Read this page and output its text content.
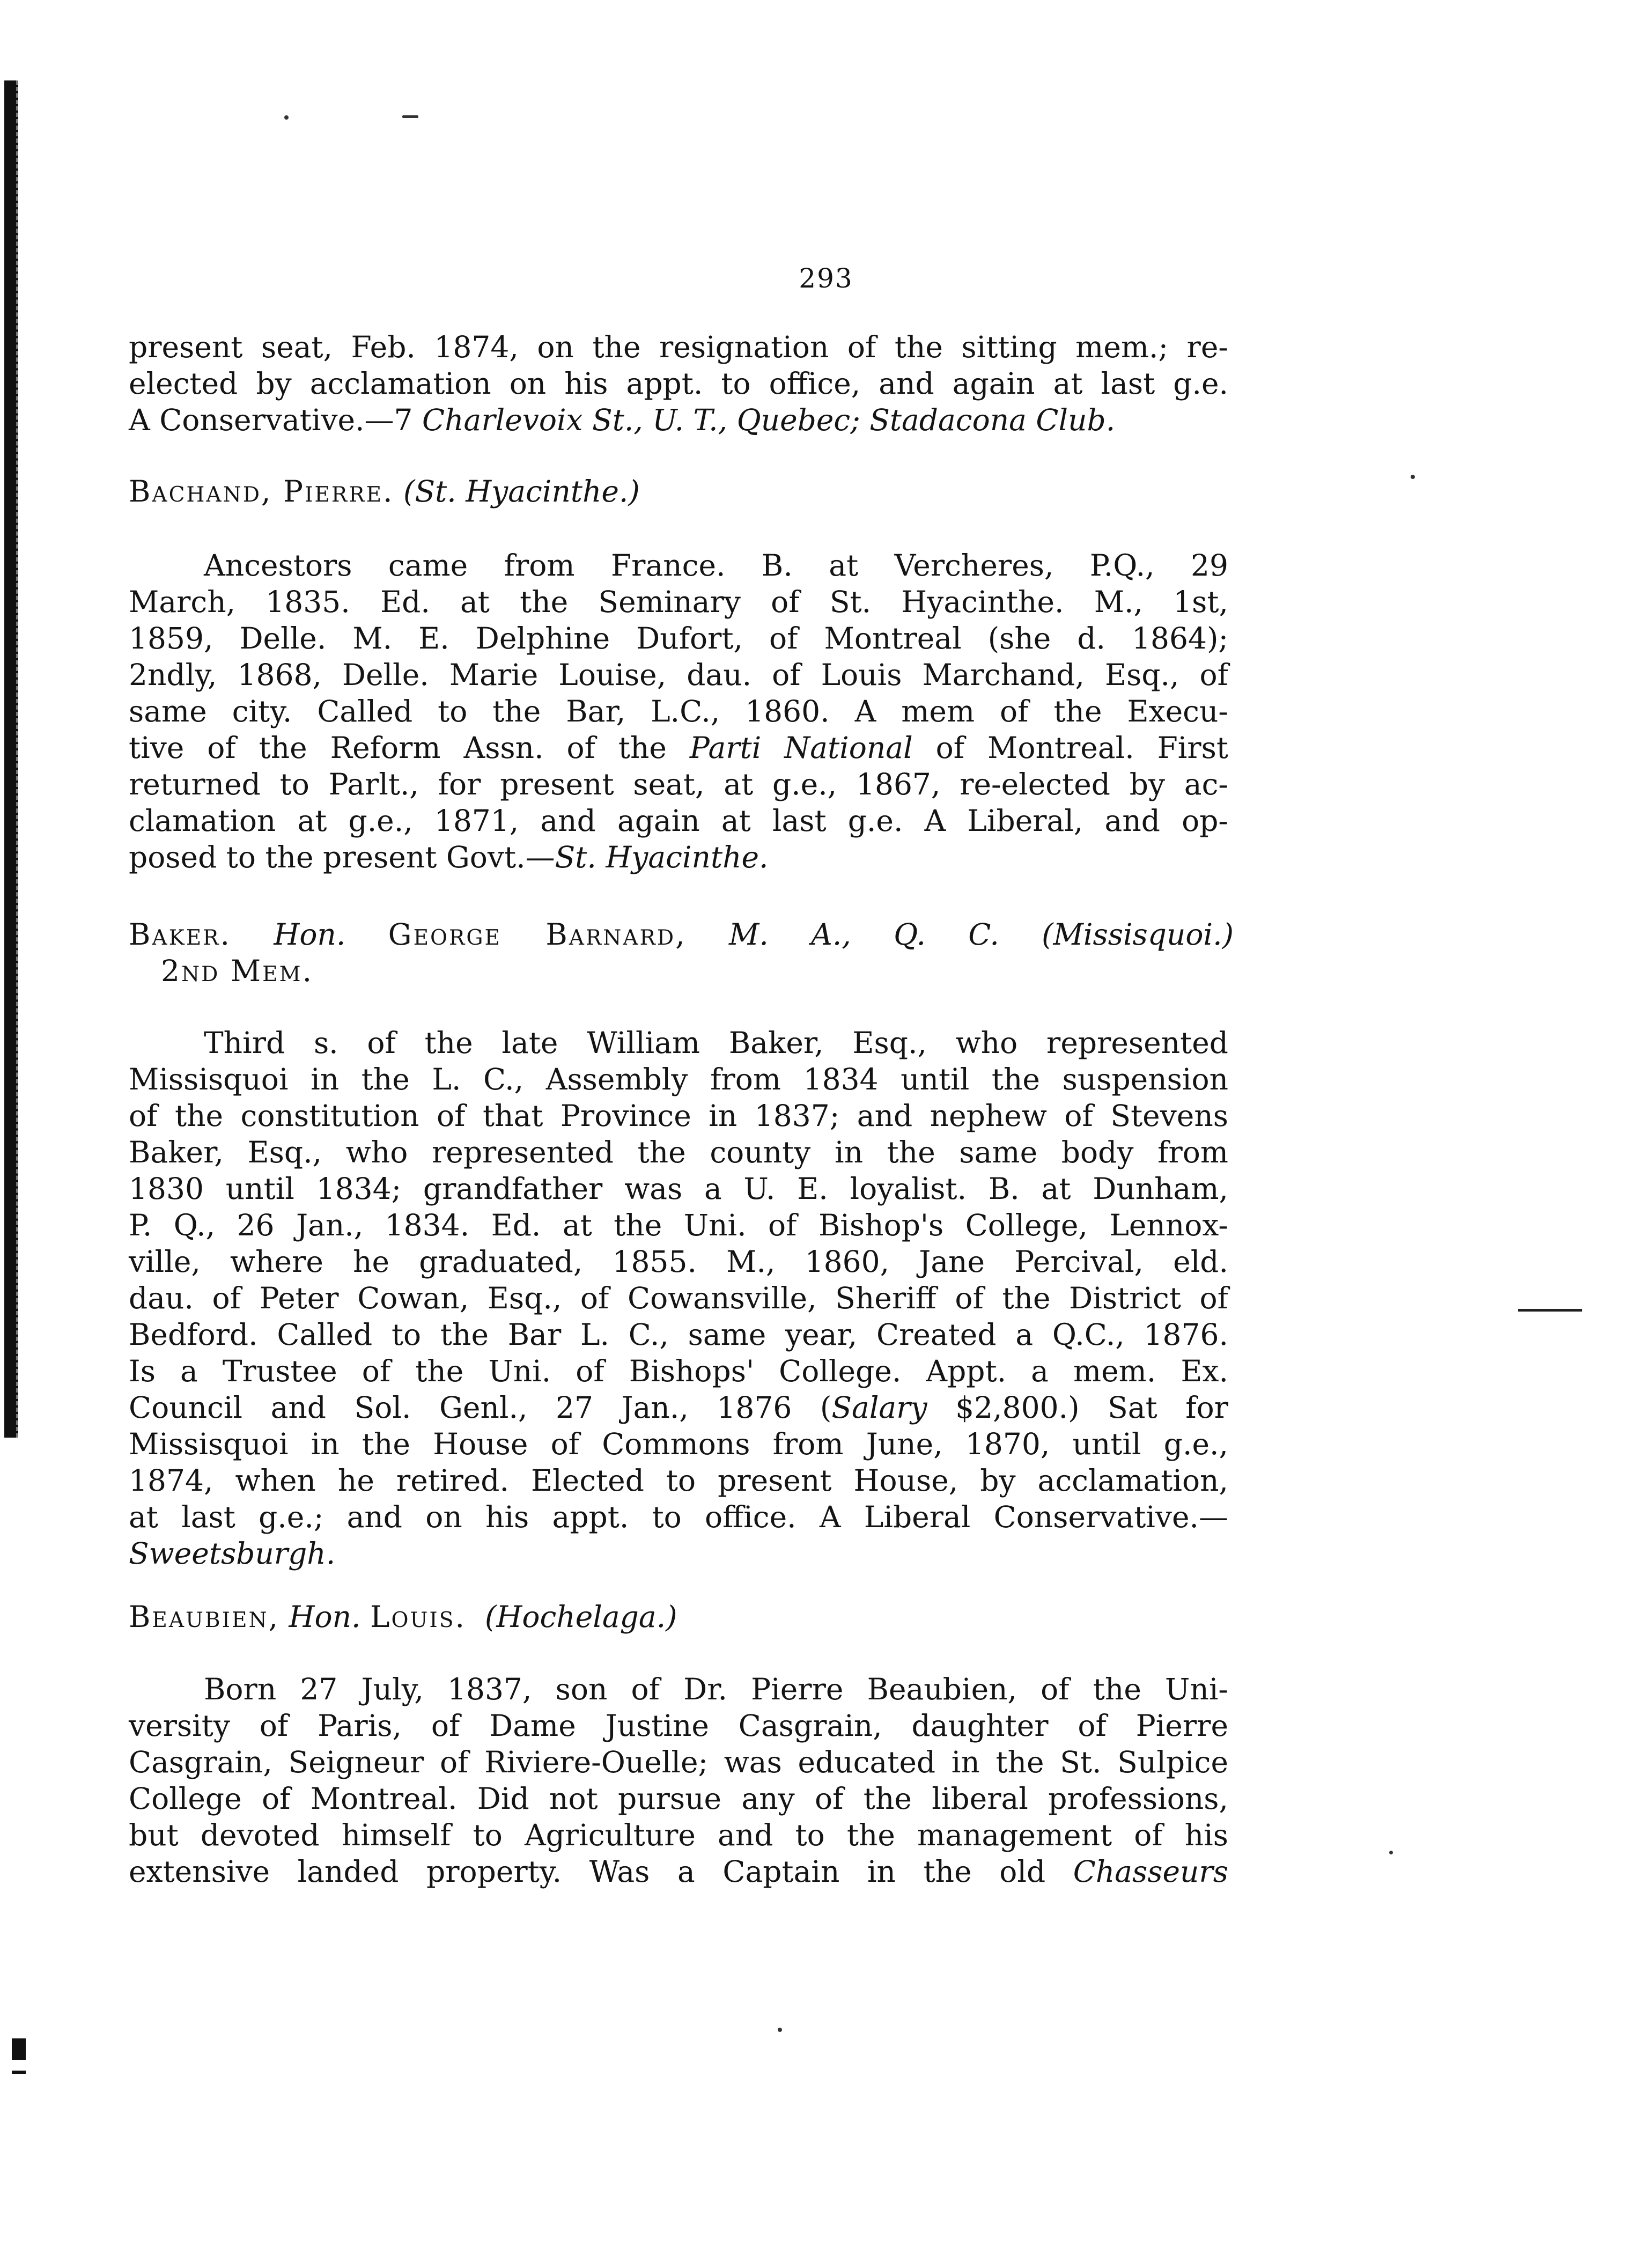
293
present seat, Feb. 1874, on the resignation of the sitting mem.; re-
elected by acclamation on his appt. to office, and again at last g.e.
A Conservative.—7 Charlevoix St., U. T., Quebec; Stadacona Club.
Bachand, Pierre. (St. Hyacinthe.)
Ancestors came from France. B. at Vercheres, P.Q., 29
March, 1835. Ed. at the Seminary of St. Hyacinthe. M., 1st,
1859, Delle. M. E. Delphine Dufort, of Montreal (she d. 1864);
2ndly, 1868, Delle. Marie Louise, dau. of Louis Marchand, Esq., of
same city. Called to the Bar, L.C., 1860. A mem of the Execu-
tive of the Reform Assn. of the Parti National of Montreal. First
returned to Parlt., for present seat, at g.e., 1867, re-elected by ac-
clamation at g.e., 1871, and again at last g.e. A Liberal, and op-
posed to the present Govt.—St. Hyacinthe.
Baker. Hon. George Barnard, M. A., Q. C. (Missisquoi.)
2nd Mem.
Third s. of the late William Baker, Esq., who represented
Missisquoi in the L. C., Assembly from 1834 until the suspension
of the constitution of that Province in 1837; and nephew of Stevens
Baker, Esq., who represented the county in the same body from
1830 until 1834; grandfather was a U. E. loyalist. B. at Dunham,
P. Q., 26 Jan., 1834. Ed. at the Uni. of Bishop's College, Lennox-
ville, where he graduated, 1855. M., 1860, Jane Percival, eld.
dau. of Peter Cowan, Esq., of Cowansville, Sheriff of the District of
Bedford. Called to the Bar L. C., same year, Created a Q.C., 1876.
Is a Trustee of the Uni. of Bishops' College. Appt. a mem. Ex.
Council and Sol. Genl., 27 Jan., 1876 (Salary $2,800.) Sat for
Missisquoi in the House of Commons from June, 1870, until g.e.,
1874, when he retired. Elected to present House, by acclamation,
at last g.e.; and on his appt. to office. A Liberal Conservative.—
Sweetsburgh.
Beaubien, Hon. Louis. (Hochelaga.)
Born 27 July, 1837, son of Dr. Pierre Beaubien, of the Uni-
versity of Paris, of Dame Justine Casgrain, daughter of Pierre
Casgrain, Seigneur of Riviere-Ouelle; was educated in the St. Sulpice
College of Montreal. Did not pursue any of the liberal professions,
but devoted himself to Agriculture and to the management of his
extensive landed property. Was a Captain in the old Chasseurs
